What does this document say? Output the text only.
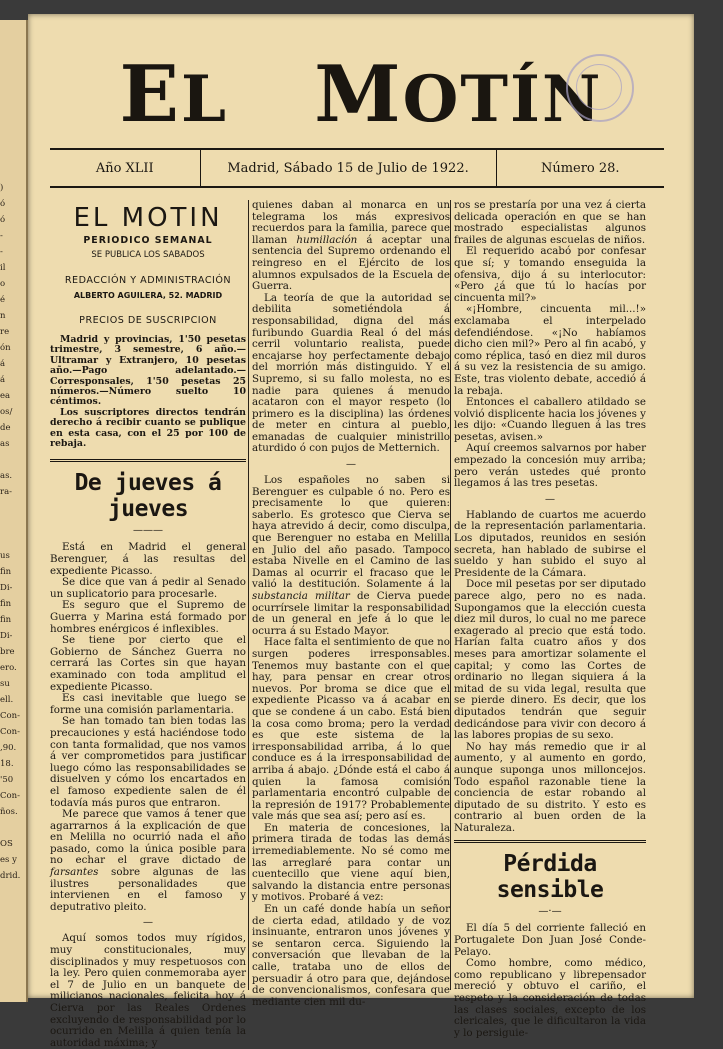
)
ó
ó
-
-
il
o
é
n
re
ón
á
á
ea
os/
de
as

as.
ra-

us
fin
Di-
fin
fin
Di-
bre
ero.
su
ell.
Con-
Con-
,90.
18.
'50
Con-
ños.

OS
es y
drid.
EL MOTÍN
Año XLII	Madrid, Sábado 15 de Julio de 1922.	Número 28.
EL MOTIN
PERIODICO SEMANAL
SE PUBLICA LOS SABADOS
REDACCIÓN Y ADMINISTRACIÓN
ALBERTO AGUILERA, 52. MADRID
PRECIOS DE SUSCRIPCION

Madrid y provincias, 1'50 pesetas trimestre, 3 semestre, 6 año.—Ultramar y Extranjero, 10 pesetas año.—Pago adelantado.—Corresponsales, 1'50 pesetas 25 números.—Número suelto 10 céntimos.

Los suscriptores directos tendrán derecho á recibir cuanto se publique en esta casa, con el 25 por 100 de rebaja.

De jueves á jueves
———

Está en Madrid el general Berenguer, á las resultas del expediente Picasso.

Se dice que van á pedir al Senado un suplicatorio para procesarle.

Es seguro que el Supremo de Guerra y Marina está formado por hombres enérgicos é inflexibles.

Se tiene por cierto que el Gobierno de Sánchez Guerra no cerrará las Cortes sin que hayan examinado con toda amplitud el expediente Picasso.

Es casi inevitable que luego se forme una comisión parlamentaria.

Se han tomado tan bien todas las precauciones y está haciéndose todo con tanta formalidad, que nos vamos á ver comprometidos para justificar luego cómo las responsabilidades se disuelven y cómo los encartados en el famoso expediente salen de él todavía más puros que entraron.

Me parece que vamos á tener que agarrarnos á la explicación de que en Melilla no ocurrió nada el año pasado, como la única posible para no echar el grave dictado de farsantes sobre algunas de las ilustres personalidades que intervienen en el famoso y deputrativo pleito.

—

Aquí somos todos muy rígidos, muy constitucionales, muy disciplinados y muy respetuosos con la ley. Pero quien conmemoraba ayer el 7 de Julio en un banquete de milicianos nacionales, felicita hoy á Cierva por las Reales Ordenes excluyendo de responsabilidad por lo ocurrido en Melilla á quien tenía la autoridad máxima; y

quienes daban al monarca en un telegrama los más expresivos recuerdos para la familia, parece que llaman humillación á aceptar una sentencia del Supremo ordenando el reingreso en el Ejército de los alumnos expulsados de la Escuela de Guerra.

La teoría de que la autoridad se debilita sometiéndola á responsabilidad, digna del más furibundo Guardia Real ó del más cerril voluntario realista, puede encajarse hoy perfectamente debajo del morrión más distinguido. Y el Supremo, si su fallo molesta, no es nadie para quienes á menudo acataron con el mayor respeto (lo primero es la disciplina) las órdenes de meter en cintura al pueblo, emanadas de cualquier ministrillo aturdido ó con pujos de Metternich.

—

Los españoles no saben si Berenguer es culpable ó no. Pero es precisamente lo que quieren: saberlo. Es grotesco que Cierva se haya atrevido á decir, como disculpa, que Berenguer no estaba en Melilla en Julio del año pasado. Tampoco estaba Nivelle en el Camino de las Damas al ocurrir el fracaso que le valió la destitución. Solamente á la substancia militar de Cierva puede ocurrírsele limitar la responsabilidad de un general en jefe á lo que le ocurra á su Estado Mayor.

Hace falta el sentimiento de que no surgen poderes irresponsables. Tenemos muy bastante con el que hay, para pensar en crear otros nuevos. Por broma se dice que el expediente Picasso va á acabar en que se condene á un cabo. Está bien la cosa como broma; pero la verdad es que este sistema de la irresponsabilidad arriba, á lo que conduce es á la irresponsabilidad de arriba á abajo. ¿Dónde está el cabo á quien la famosa comisión parlamentaria encontró culpable de la represión de 1917? Probablemente vale más que sea así; pero así es.

En materia de concesiones, la primera tirada de todas las demás irremediablemente. No sé como me las arreglaré para contar un cuentecillo que viene aquí bien, salvando la distancia entre personas y motivos. Probaré á vez:

En un café donde había un señor de cierta edad, atildado y de voz insinuante, entraron unos jóvenes y se sentaron cerca. Siguiendo la conversación que llevaban de la calle, trataba uno de ellos de persuadir á otro para que, dejándose de convencionalismos, confesara que mediante cien mil du-

ros se prestaría por una vez á cierta delicada operación en que se han mostrado especialistas algunos frailes de algunas escuelas de niños.

El requerido acabó por confesar que sí; y tomando enseguida la ofensiva, dijo á su interlocutor: «Pero ¿á que tú lo hacías por cincuenta mil?»

«¡Hombre, cincuenta mil...!» exclamaba el interpelado defendiéndose. «¡No habíamos dicho cien mil?» Pero al fin acabó, y como réplica, tasó en diez mil duros á su vez la resistencia de su amigo. Este, tras violento debate, accedió á la rebaja.

Entonces el caballero atildado se volvió displicente hacia los jóvenes y les dijo: «Cuando lleguen á las tres pesetas, avisen.»

Aquí creemos salvarnos por haber empezado la concesión muy arriba; pero verán ustedes qué pronto llegamos á las tres pesetas.

—

Hablando de cuartos me acuerdo de la representación parlamentaria. Los diputados, reunidos en sesión secreta, han hablado de subirse el sueldo y han subido el suyo al Presidente de la Cámara.

Doce mil pesetas por ser diputado parece algo, pero no es nada. Supongamos que la elección cuesta diez mil duros, lo cual no me parece exagerado al precio que está todo. Harían falta cuatro años y dos meses para amortizar solamente el capital; y como las Cortes de ordinario no llegan siquiera á la mitad de su vida legal, resulta que se pierde dinero. Es decir, que los diputados tendrán que seguir dedicándose para vivir con decoro á las labores propias de su sexo.

No hay más remedio que ir al aumento, y al aumento en gordo, aunque suponga unos milloncejos. Todo español razonable tiene la conciencia de estar robando al diputado de su distrito. Y esto es contrario al buen orden de la Naturaleza.

Pérdida sensible
—·—

El día 5 del corriente falleció en Portugalete Don Juan José Conde-Pelayo.

Como hombre, como médico, como republicano y librepensador mereció y obtuvo el cariño, el respeto y la consideración de todas las clases sociales, excepto de los clericales, que le dificultaron la vida y lo persiguie-
